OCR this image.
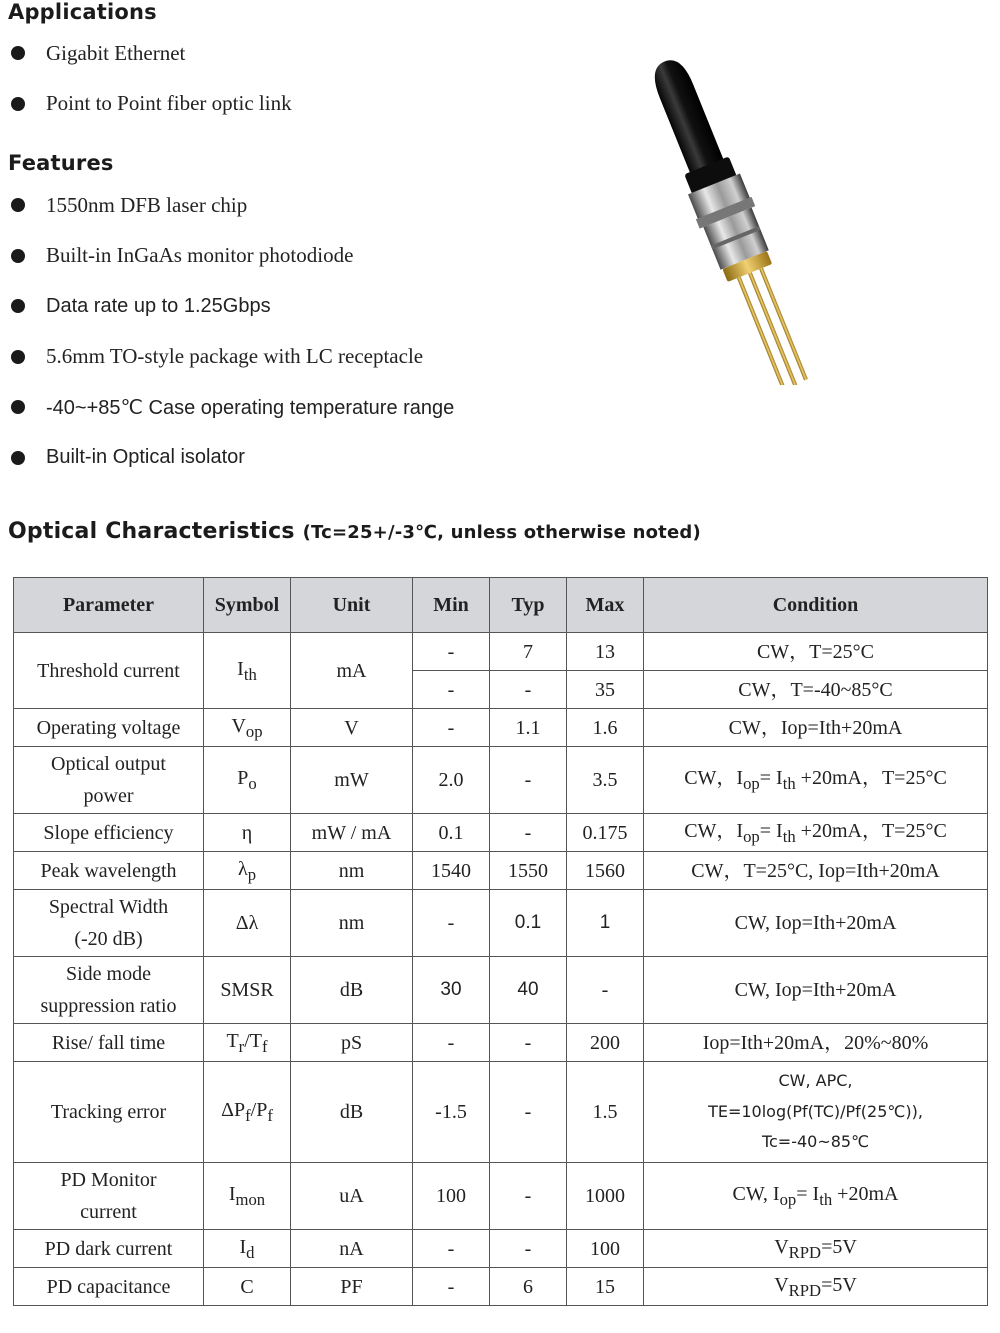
Applications
Gigabit Ethernet
Point to Point fiber optic link
Features
1550nm DFB laser chip
Built-in InGaAs monitor photodiode
Data rate up to 1.25Gbps
5.6mm TO-style package with LC receptacle
-40~+85℃ Case operating temperature range
Built-in Optical isolator
Optical Characteristics (Tc=25+/-3℃, unless otherwise noted)
Parameter	Symbol	Unit	Min	Typ	Max	Condition
Threshold current	$I_{th}$	mA	-	7	13	CW，T=25°C
			-	-	35	CW，T=-40~85°C
Operating voltage	$V_{op}$	V	-	1.1	1.6	CW，Iop=Ith+20mA
Optical output
power	$P_o$	mW	2.0	-	3.5	CW，$I_{op}= I_{th} +20mA$，T=25°C
Slope efficiency	η	mW / mA	0.1	-	0.175	CW，$I_{op}= I_{th} +20mA$，T=25°C
Peak wavelength	$\lambda_p$	nm	1540	1550	1560	CW，T=25°C, Iop=Ith+20mA
Spectral Width
(-20 dB)	Δλ	nm	-	0.1	1	CW, Iop=Ith+20mA
Side mode
suppression ratio	SMSR	dB	30	40	-	CW, Iop=Ith+20mA
Rise/ fall time	$T_r/T_f$	pS	-	-	200	Iop=Ith+20mA，20%~80%
Tracking error	$\Delta P_f/P_f$	dB	-1.5	-	1.5	CW, APC,
TE=10log(Pf(TC)/Pf(25℃)),
Tc=-40~85℃
PD Monitor
current	$I_{mon}$	uA	100	-	1000	CW, $I_{op}= I_{th} +20mA$
PD dark current	$I_d$	nA	-	-	100	$V_{RPD}=5V$
PD capacitance	C	PF	-	6	15	$V_{RPD}=5V$
